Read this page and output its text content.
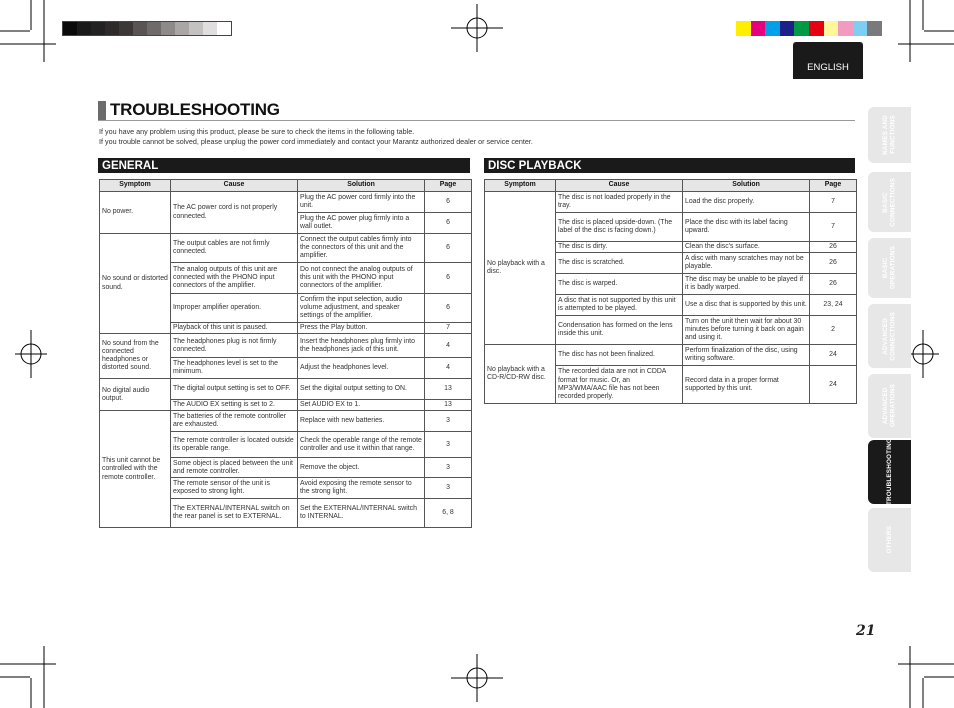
ENGLISH
TROUBLESHOOTING
If you have any problem using this product, please be sure to check the items in the following table.
If you trouble cannot be solved, please unplug the power cord immediately and contact your Marantz authorized dealer or service center.
GENERAL	DISC PLAYBACK
Symptom	Cause	Solution	Page
No power.	The AC power cord is not properly connected.	Plug the AC power cord firmly into the unit.	6
		Plug the AC power plug firmly into a wall outlet.	6
No sound or distorted sound.	The output cables are not firmly connected.	Connect the output cables firmly into the connectors of this unit and the amplifier.	6
	The analog outputs of this unit are connected with the PHONO input connectors of the amplifier.	Do not connect the analog outputs of this unit with the PHONO input connectors of the amplifier.	6
	Improper amplifier operation.	Confirm the input selection, audio volume adjustment, and speaker settings of the amplifier.	6
	Playback of this unit is paused.	Press the Play button.	7
No sound from the connected headphones or distorted sound.	The headphones plug is not firmly connected.	Insert the headphones plug firmly into the headphones jack of this unit.	4
	The headphones level is set to the minimum.	Adjust the headphones level.	4
No digital audio output.	The digital output setting is set to OFF.	Set the digital output setting to ON.	13
	The AUDIO EX setting is set to 2.	Set AUDIO EX to 1.	13
This unit cannot be controlled with the remote controller.	The batteries of the remote controller are exhausted.	Replace with new batteries.	3
	The remote controller is located outside its operable range.	Check the operable range of the remote controller and use it within that range.	3
	Some object is placed between the unit and remote controller.	Remove the object.	3
	The remote sensor of the unit is exposed to strong light.	Avoid exposing the remote sensor to the strong light.	3
	The EXTERNAL/INTERNAL switch on the rear panel is set to EXTERNAL.	Set the EXTERNAL/INTERNAL switch to INTERNAL.	6, 8
Symptom	Cause	Solution	Page
No playback with a disc.	The disc is not loaded properly in the tray.	Load the disc properly.	7
	The disc is placed upside-down. (The label of the disc is facing down.)	Place the disc with its label facing upward.	7
	The disc is dirty.	Clean the disc's surface.	26
	The disc is scratched.	A disc with many scratches may not be playable.	26
	The disc is warped.	The disc may be unable to be played if it is badly warped.	26
	A disc that is not supported by this unit is attempted to be played.	Use a disc that is supported by this unit.	23, 24
	Condensation has formed on the lens inside this unit.	Turn on the unit then wait for about 30 minutes before turning it back on again and using it.	2
No playback with a CD-R/CD-RW disc.	The disc has not been finalized.	Perform finalization of the disc, using writing software.	24
	The recorded data are not in CDDA format for music. Or, an MP3/WMA/AAC file has not been recorded properly.	Record data in a proper format supported by this unit.	24
NAMES AND
FUNCTIONS
BASIC
CONNECTIONS
BASIC
OPERATIONS
ADVANCED
CONNECTIONS
ADVANCED
OPERATIONS
TROUBLESHOOTING
OTHERS
21
